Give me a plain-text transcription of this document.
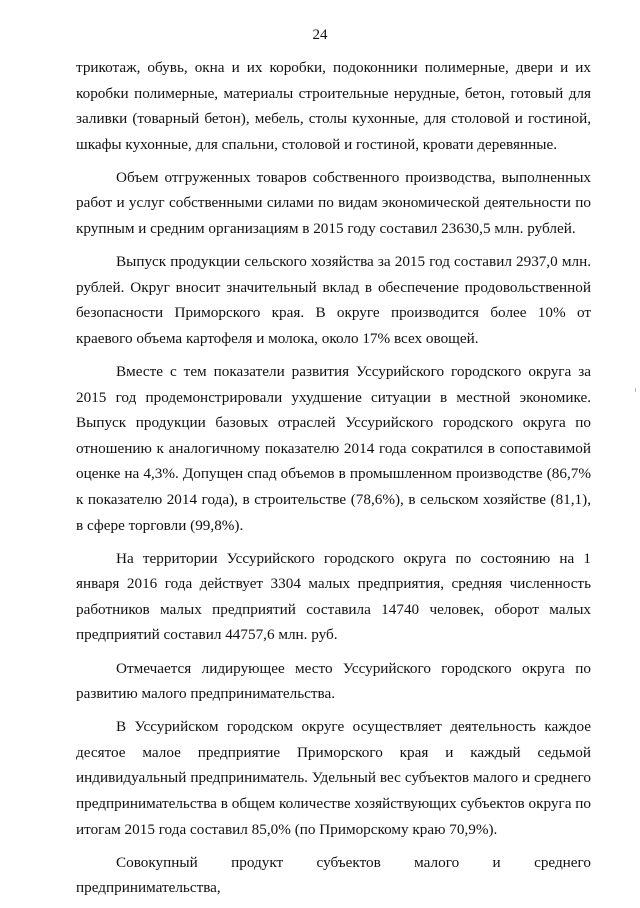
24

трикотаж, обувь, окна и их коробки, подоконники полимерные, двери и их коробки полимерные, материалы строительные нерудные, бетон, готовый для заливки (товарный бетон), мебель, столы кухонные, для столовой и гостиной, шкафы кухонные, для спальни, столовой и гостиной, кровати деревянные.

Объем отгруженных товаров собственного производства, выполненных работ и услуг собственными силами по видам экономической деятельности по крупным и средним организациям в 2015 году составил 23630,5 млн. рублей.

Выпуск продукции сельского хозяйства за 2015 год составил 2937,0 млн. рублей. Округ вносит значительный вклад в обеспечение продовольственной безопасности Приморского края. В округе производится более 10% от краевого объема картофеля и молока, около 17% всех овощей.

Вместе с тем показатели развития Уссурийского городского округа за 2015 год продемонстрировали ухудшение ситуации в местной экономике. Выпуск продукции базовых отраслей Уссурийского городского округа по отношению к аналогичному показателю 2014 года сократился в сопоставимой оценке на 4,3%. Допущен спад объемов в промышленном производстве (86,7% к показателю 2014 года), в строительстве (78,6%), в сельском хозяйстве (81,1), в сфере торговли (99,8%).

На территории Уссурийского городского округа по состоянию на 1 января 2016 года действует 3304 малых предприятия, средняя численность работников малых предприятий составила 14740 человек, оборот малых предприятий составил 44757,6 млн. руб.

Отмечается лидирующее место Уссурийского городского округа по развитию малого предпринимательства.

В Уссурийском городском округе осуществляет деятельность каждое десятое малое предприятие Приморского края и каждый седьмой индивидуальный предприниматель. Удельный вес субъектов малого и среднего предпринимательства в общем количестве хозяйствующих субъектов округа по итогам 2015 года составил 85,0% (по Приморскому краю 70,9%).

Совокупный продукт субъектов малого и среднего предпринимательства,
